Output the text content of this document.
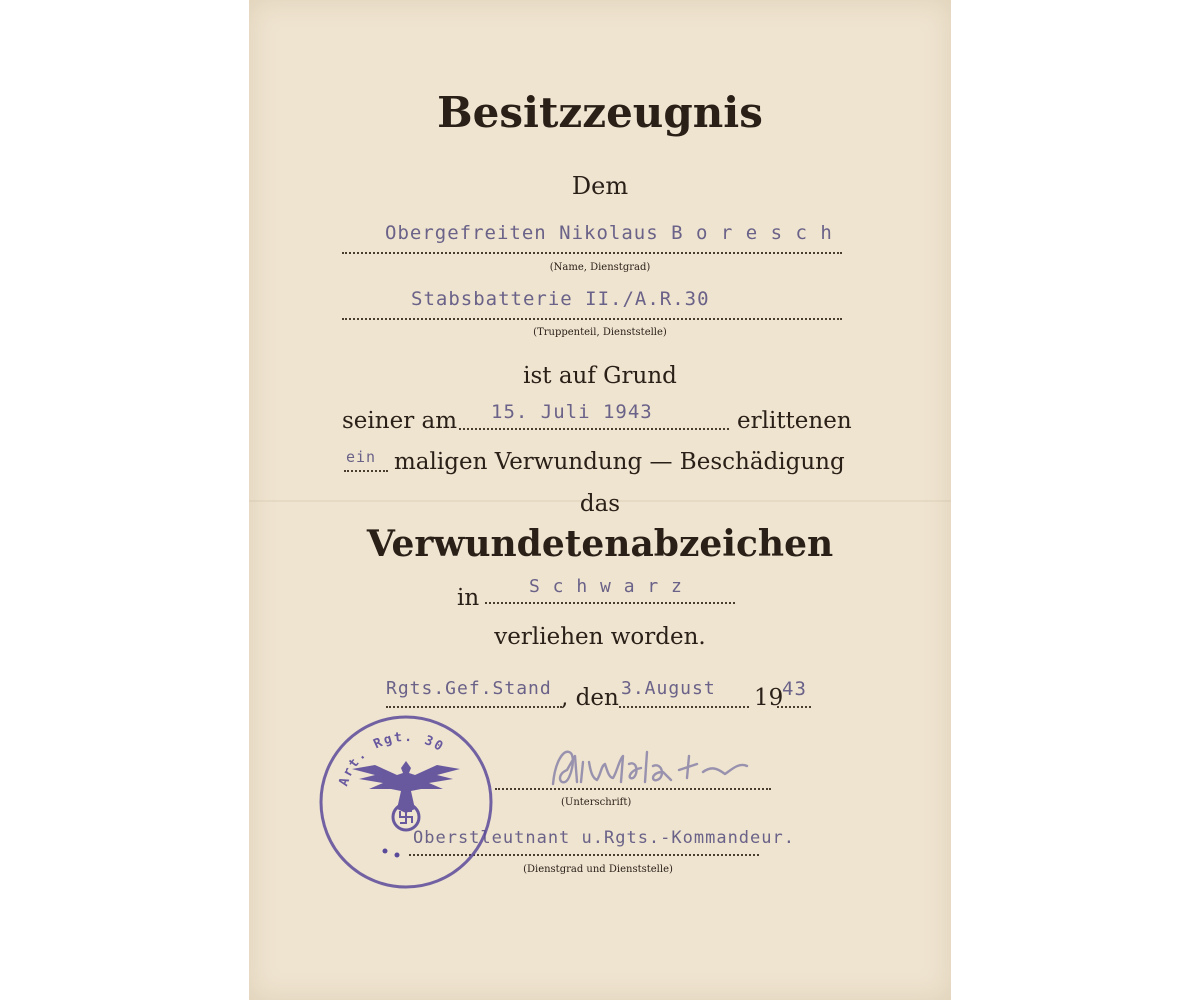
Besitzzeugnis
Dem
Obergefreiten Nikolaus B o r e s c h
(Name, Dienstgrad)
Stabsbatterie II./A.R.30
(Truppenteil, Dienststelle)
ist auf Grund
seiner am 15. Juli 1943	erlittenen
ein maligen Verwundung — Beschädigung
das
Verwundetenabzeichen
in	S c h w a r z
verliehen worden.
Rgts.Gef.Stand , den 3.August 19
43
(Unterschrift)
Oberstleutnant u.Rgts.-Kommandeur.
(Dienstgrad und Dienststelle)
Art. Rgt. 30
